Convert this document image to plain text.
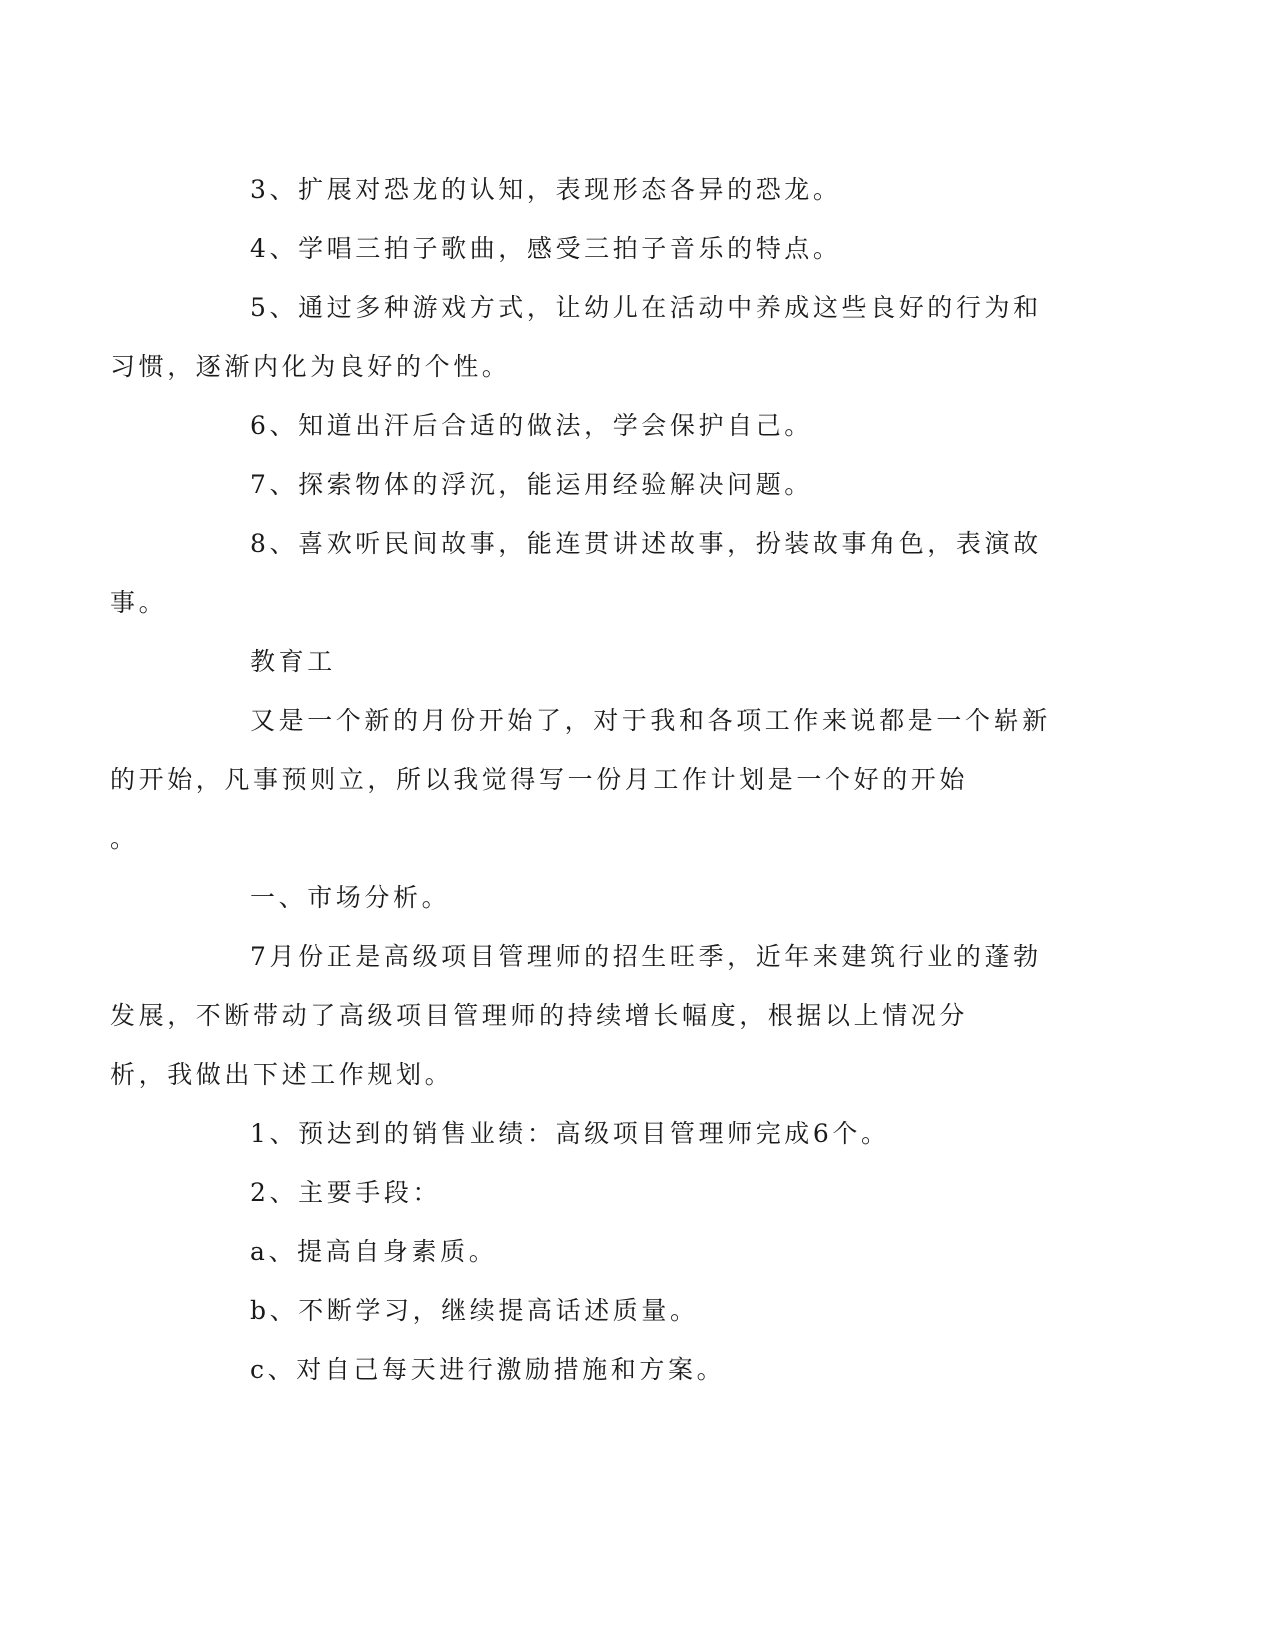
3、扩展对恐龙的认知，表现形态各异的恐龙。
4、学唱三拍子歌曲，感受三拍子音乐的特点。
5、通过多种游戏方式，让幼儿在活动中养成这些良好的行为和
习惯，逐渐内化为良好的个性。
6、知道出汗后合适的做法，学会保护自己。
7、探索物体的浮沉，能运用经验解决问题。
8、喜欢听民间故事，能连贯讲述故事，扮装故事角色，表演故
事。
教育工
又是一个新的月份开始了，对于我和各项工作来说都是一个崭新
的开始，凡事预则立，所以我觉得写一份月工作计划是一个好的开始
。
一、市场分析。
7月份正是高级项目管理师的招生旺季，近年来建筑行业的蓬勃
发展，不断带动了高级项目管理师的持续增长幅度，根据以上情况分
析，我做出下述工作规划。
1、预达到的销售业绩：高级项目管理师完成6个。
2、主要手段：
a、提高自身素质。
b、不断学习，继续提高话述质量。
c、对自己每天进行激励措施和方案。
